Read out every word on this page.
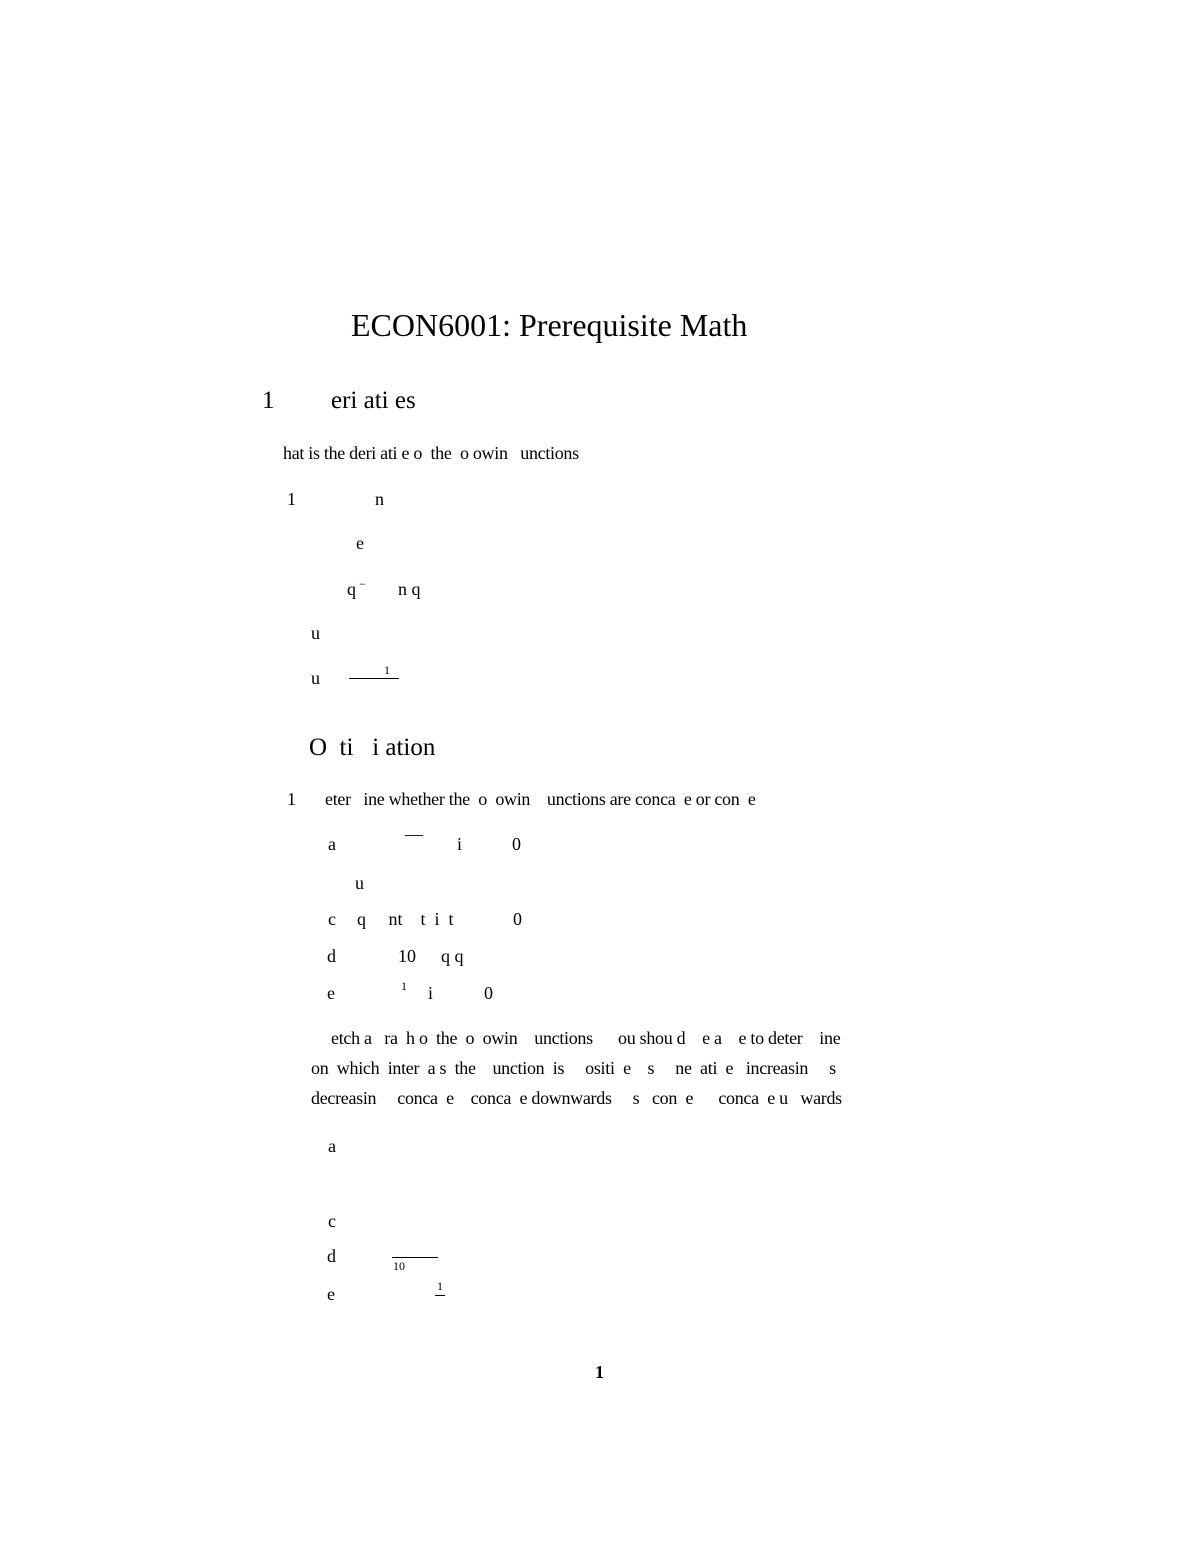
ECON6001: Prerequisite Math
1 eri ati es
hat is the deri ati e o  the  o owin   unctions
1	n
e
q − n q
u
u	1
O  ti   i ation
1 eter   ine whether the  o  owin    unctions are conca  e or con  e
a	— i	0
u
c q     nt    t  i  t	0
d	10 q q
e	1 i	0
etch a   ra  h o  the  o  owin    unctions      ou shou d    e a    e to deter    ine
on  which  inter  a s  the    unction  is     ositi  e    s     ne  ati  e   increasin     s
decreasin     conca  e    conca  e downwards     s   con  e      conca  e u   wards
a
c
d	10
e	1
1
